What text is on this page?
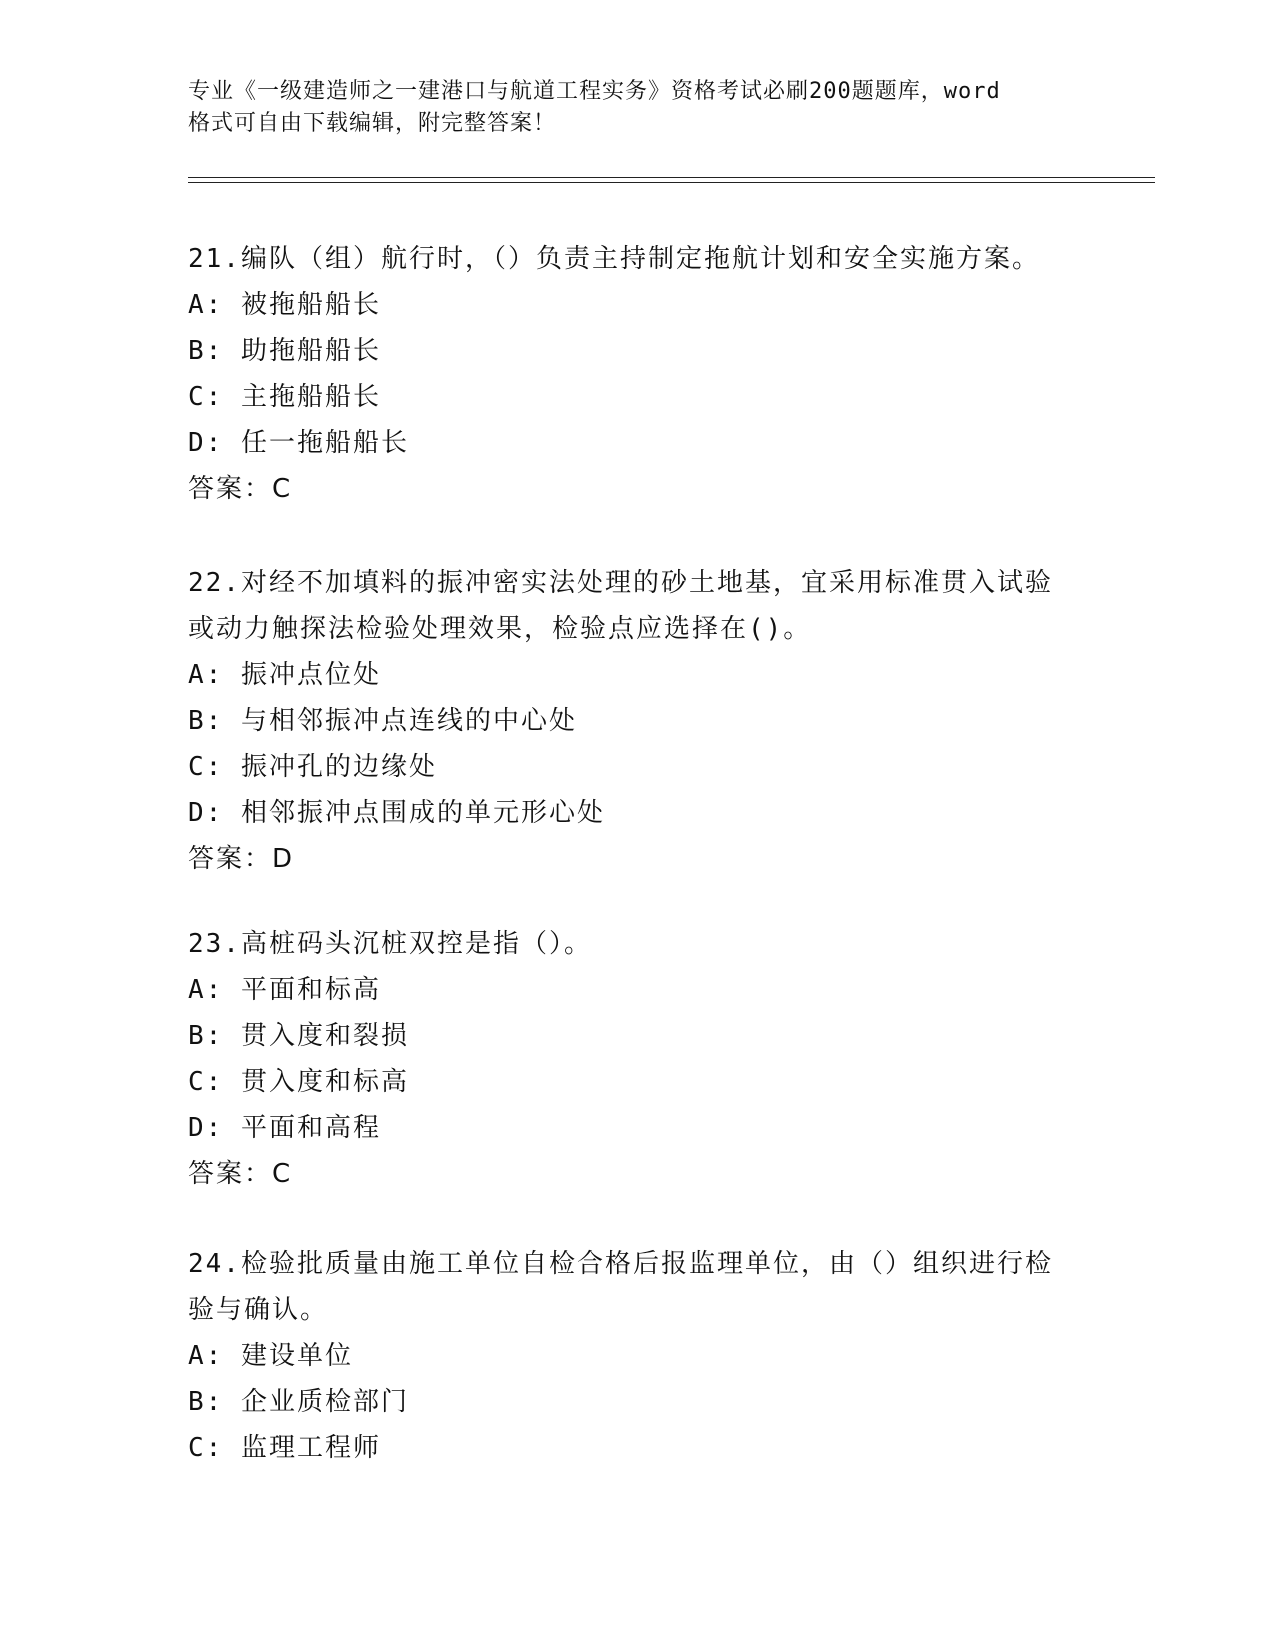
专业《一级建造师之一建港口与航道工程实务》资格考试必刷200题题库，word
格式可自由下载编辑，附完整答案！
21.编队（组）航行时，（）负责主持制定拖航计划和安全实施方案。
A: 被拖船船长
B: 助拖船船长
C: 主拖船船长
D: 任一拖船船长
答案：C
22.对经不加填料的振冲密实法处理的砂土地基，宜采用标准贯入试验
或动力触探法检验处理效果，检验点应选择在()。
A: 振冲点位处
B: 与相邻振冲点连线的中心处
C: 振冲孔的边缘处
D: 相邻振冲点围成的单元形心处
答案：D
23.高桩码头沉桩双控是指（）。
A: 平面和标高
B: 贯入度和裂损
C: 贯入度和标高
D: 平面和高程
答案：C
24.检验批质量由施工单位自检合格后报监理单位，由（）组织进行检
验与确认。
A: 建设单位
B: 企业质检部门
C: 监理工程师
